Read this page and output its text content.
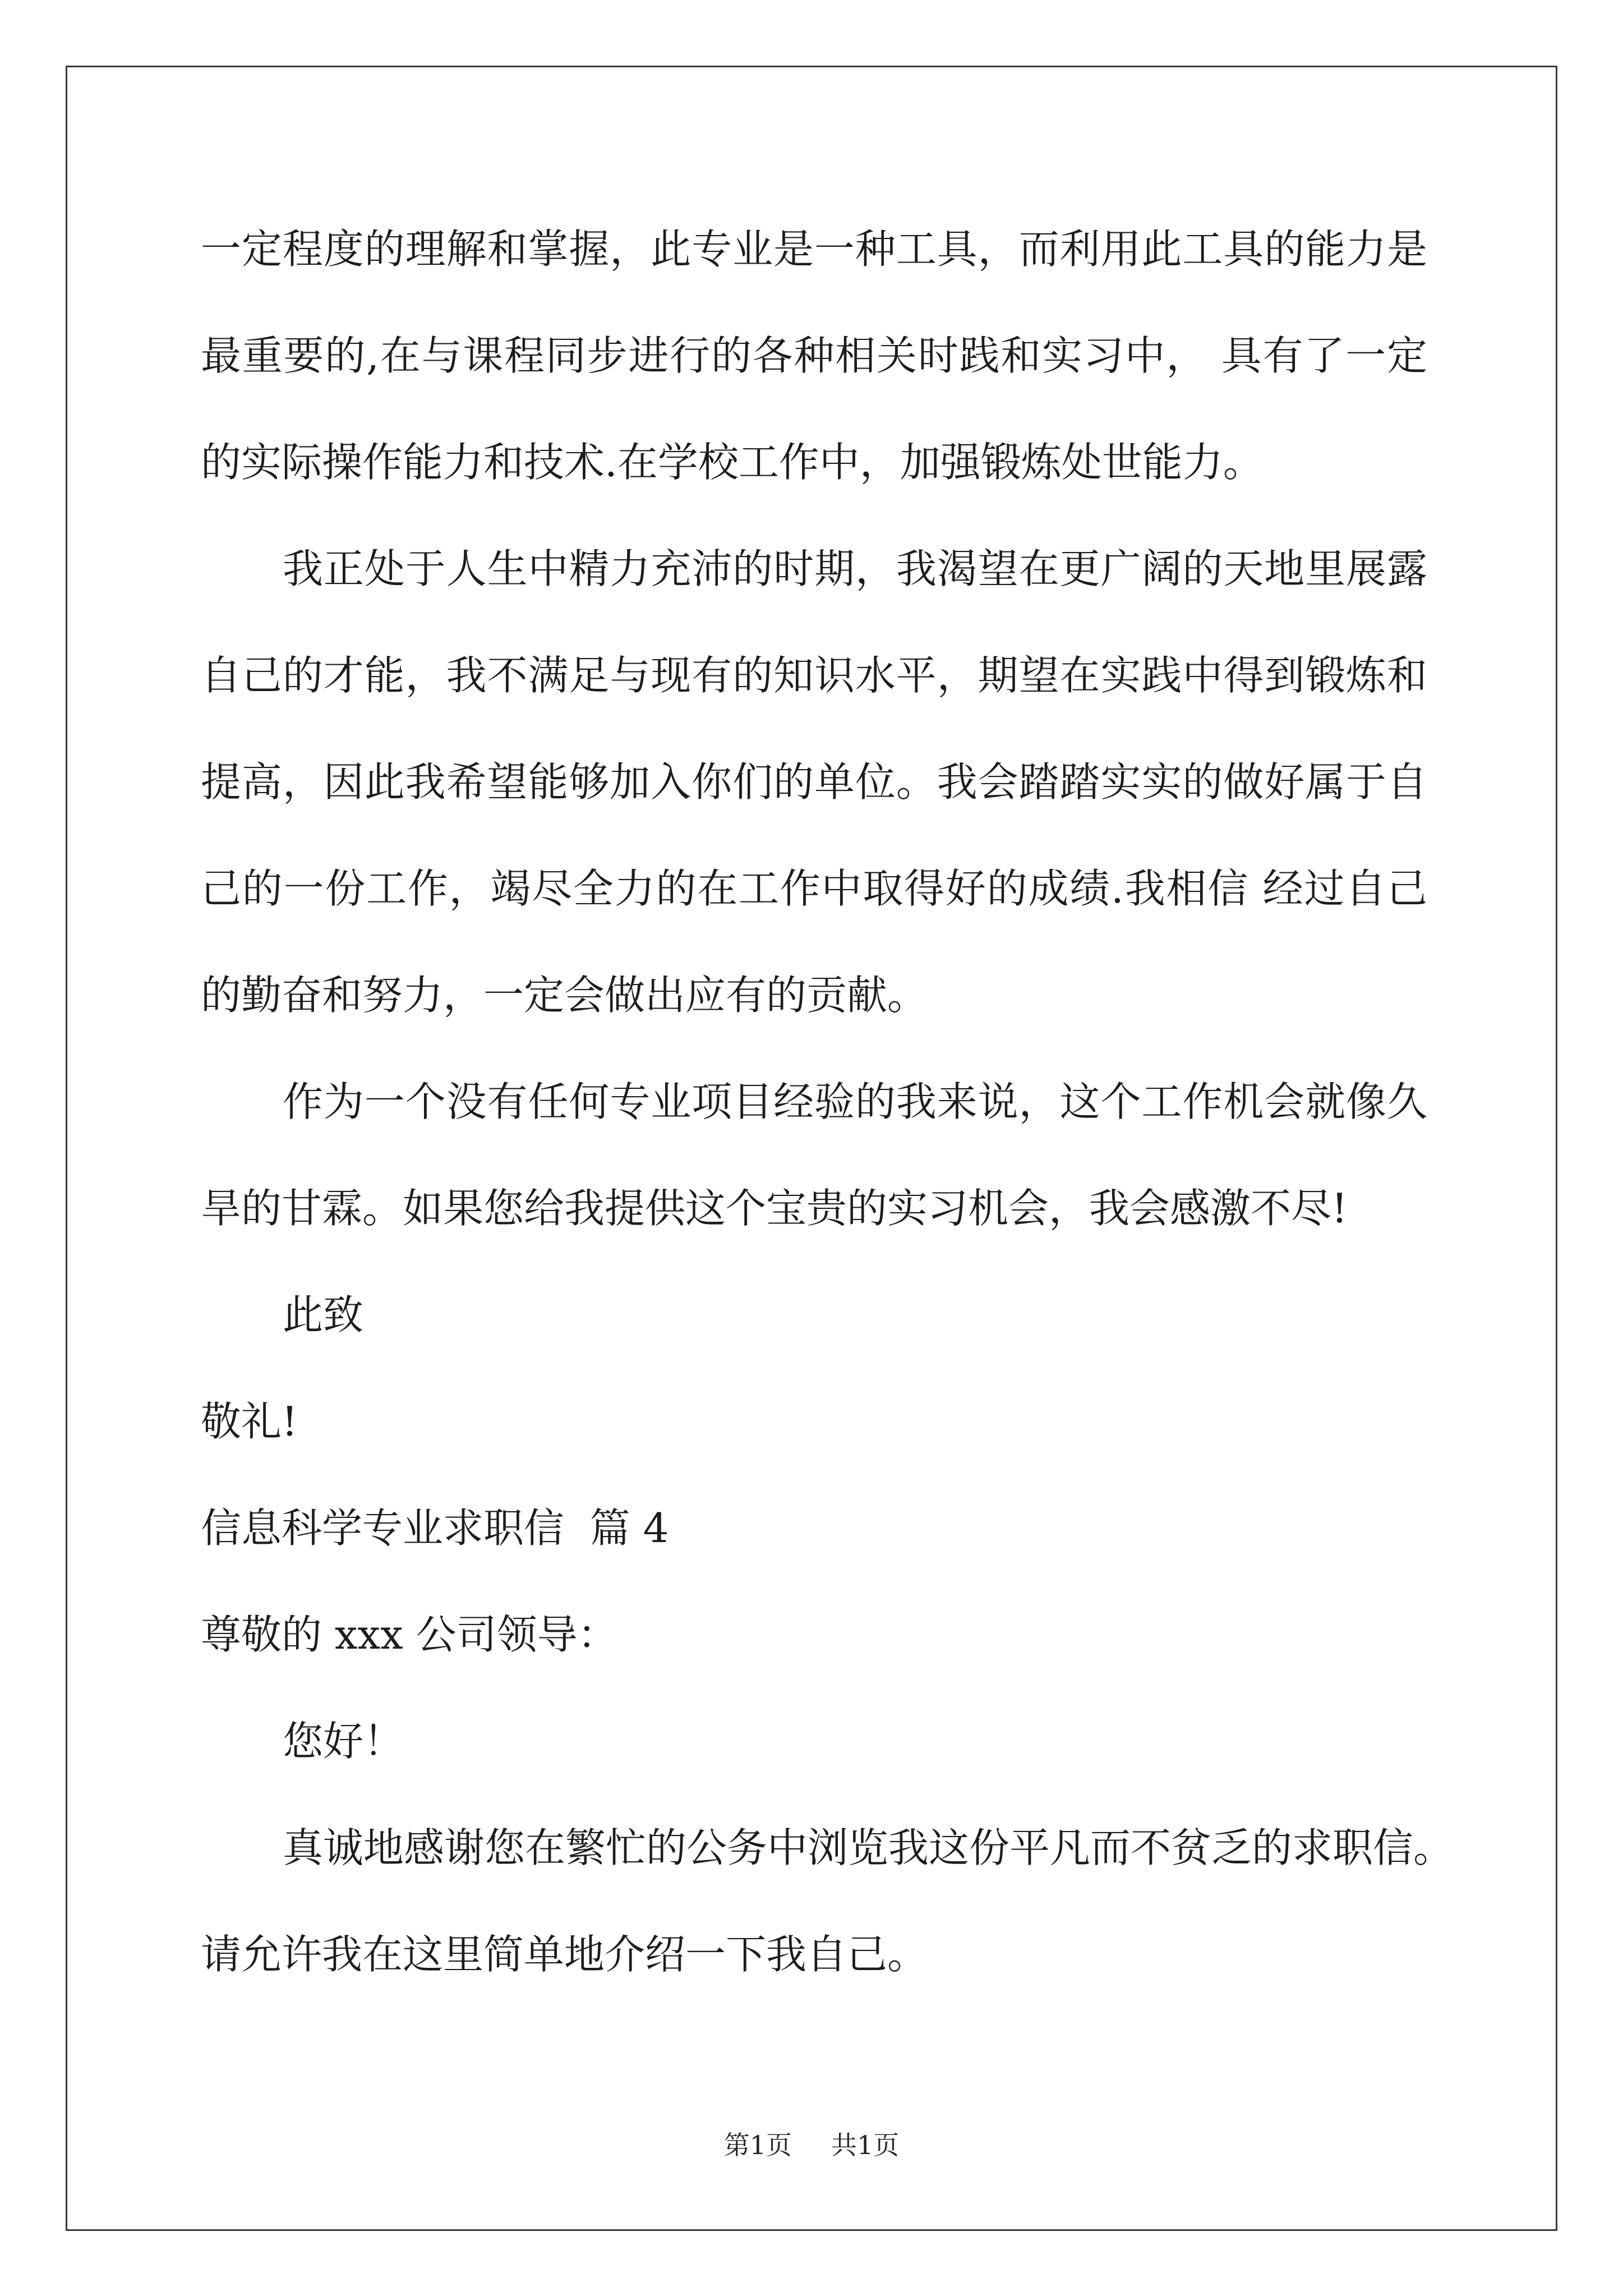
一定程度的理解和掌握，此专业是一种工具，而利用此工具的能力是
最重要的,在与课程同步进行的各种相关时践和实习中， 具有了一定
的实际操作能力和技术.在学校工作中，加强锻炼处世能力。
我正处于人生中精力充沛的时期，我渴望在更广阔的天地里展露
自己的才能，我不满足与现有的知识水平，期望在实践中得到锻炼和
提高，因此我希望能够加入你们的单位。我会踏踏实实的做好属于自
己的一份工作，竭尽全力的在工作中取得好的成绩.我相信 经过自己
的勤奋和努力，一定会做出应有的贡献。
作为一个没有任何专业项目经验的我来说，这个工作机会就像久
旱的甘霖。如果您给我提供这个宝贵的实习机会，我会感激不尽!
此致
敬礼!
信息科学专业求职信  篇 4
尊敬的 xxx 公司领导：
您好！
真诚地感谢您在繁忙的公务中浏览我这份平凡而不贫乏的求职信。
请允许我在这里简单地介绍一下我自己。
第1页 共1页
